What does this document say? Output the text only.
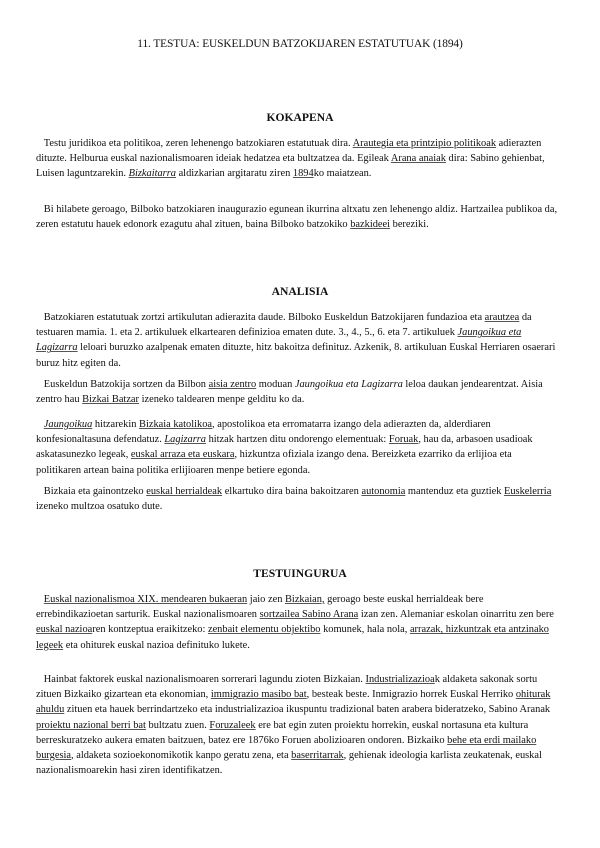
11. TESTUA: EUSKELDUN BATZOKIJAREN ESTATUTUAK (1894)
KOKAPENA

Testu juridikoa eta politikoa, zeren lehenengo batzokiaren estatutuak dira. Arautegia eta printzipio politikoak adierazten dituzte. Helburua euskal nazionalismoaren ideiak hedatzea eta bultzatzea da. Egileak Arana anaiak dira: Sabino gehienbat, Luisen laguntzarekin. Bizkaitarra aldizkarian argitaratu ziren 1894ko maiatzean.

Bi hilabete geroago, Bilboko batzokiaren inaugurazio egunean ikurrina altxatu zen lehenengo aldiz. Hartzailea publikoa da, zeren estatutu hauek edonork ezagutu ahal zituen, baina Bilboko batzokiko bazkideei bereziki.

ANALISIA

Batzokiaren estatutuak zortzi artikulutan adierazita daude. Bilboko Euskeldun Batzokijaren fundazioa eta arautzea da testuaren mamia. 1. eta 2. artikuluek elkartearen definizioa ematen dute. 3., 4., 5., 6. eta 7. artikuluek Jaungoikua eta Lagizarra leloari buruzko azalpenak ematen dituzte, hitz bakoitza definituz. Azkenik, 8. artikuluan Euskal Herriaren osaerari buruz hitz egiten da.

Euskeldun Batzokija sortzen da Bilbon aisia zentro moduan Jaungoikua eta Lagizarra leloa daukan jendearentzat. Aisia zentro hau Bizkai Batzar izeneko taldearen menpe gelditu ko da.

Jaungoikua hitzarekin Bizkaia katolikoa, apostolikoa eta erromatarra izango dela adierazten da, alderdiaren konfesionaltasuna defendatuz. Lagizarra hitzak hartzen ditu ondorengo elementuak: Foruak, hau da, arbasoen usadioak askatasunezko legeak, euskal arraza eta euskara, hizkuntza ofiziala izango dena. Bereizketa ezarriko da erlijioa eta politikaren artean baina politika erlijioaren menpe betiere egonda.

Bizkaia eta gainontzeko euskal herrialdeak elkartuko dira baina bakoitzaren autonomia mantenduz eta guztiek Euskelerria izeneko multzoa osatuko dute.

TESTUINGURUA

Euskal nazionalismoa XIX. mendearen bukaeran jaio zen Bizkaian, geroago beste euskal herrialdeak bere errebindikazioetan sarturik. Euskal nazionalismoaren sortzailea Sabino Arana izan zen. Alemaniar eskolan oinarritu zen bere euskal nazioaren kontzeptua eraikitzeko: zenbait elementu objektibo komunek, hala nola, arrazak, hizkuntzak eta antzinako legeek eta ohiturek euskal nazioa definituko lukete.

Hainbat faktorek euskal nazionalismoaren sorrerari lagundu zioten Bizkaian. Industrializazioak aldaketa sakonak sortu zituen Bizkaiko gizartean eta ekonomian, immigrazio masibo bat, besteak beste. Inmigrazio horrek Euskal Herriko ohiturak ahuldu zituen eta hauek berrindartzeko eta industrializazioa ikuspuntu tradizional baten arabera bideratzeko, Sabino Aranak proiektu nazional berri bat bultzatu zuen. Foruzaleek ere bat egin zuten proiektu horrekin, euskal nortasuna eta kultura berreskuratzeko aukera ematen baitzuen, batez ere 1876ko Foruen abolizioaren ondoren. Bizkaiko behe eta erdi mailako burgesia, aldaketa sozioekonomikotik kanpo geratu zena, eta baserritarrak, gehienak ideologia karlista zeukatenak, euskal nazionalismoarekin hasi ziren identifikatzen.
